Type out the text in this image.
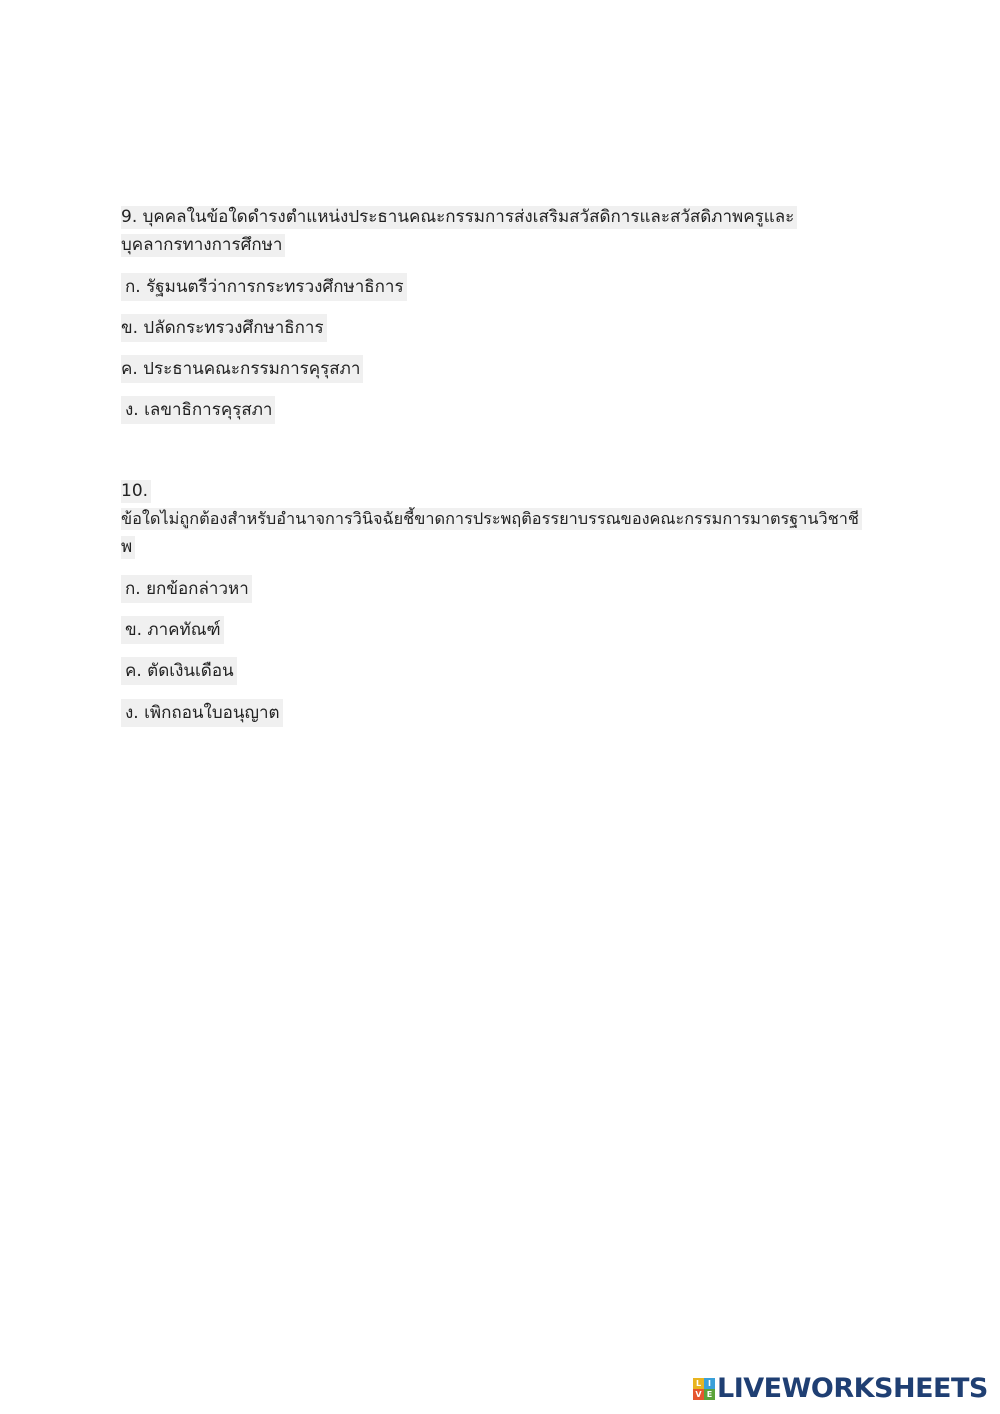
9. บุคคลในข้อใดดำรงตำแหน่งประธานคณะกรรมการส่งเสริมสวัสดิการและสวัสดิภาพครูและ
บุคลากรทางการศึกษา
ก. รัฐมนตรีว่าการกระทรวงศึกษาธิการ
ข. ปลัดกระทรวงศึกษาธิการ
ค. ประธานคณะกรรมการคุรุสภา
ง. เลขาธิการคุรุสภา
10.
ข้อใดไม่ถูกต้องสำหรับอำนาจการวินิจฉัยชี้ขาดการประพฤติอรรยาบรรณของคณะกรรมการมาตรฐานวิชาชี
พ
ก. ยกข้อกล่าวหา
ข. ภาคทัณฑ์
ค. ตัดเงินเดือน
ง. เพิกถอนใบอนุญาต
L I
V E LIVEWORKSHEETS
